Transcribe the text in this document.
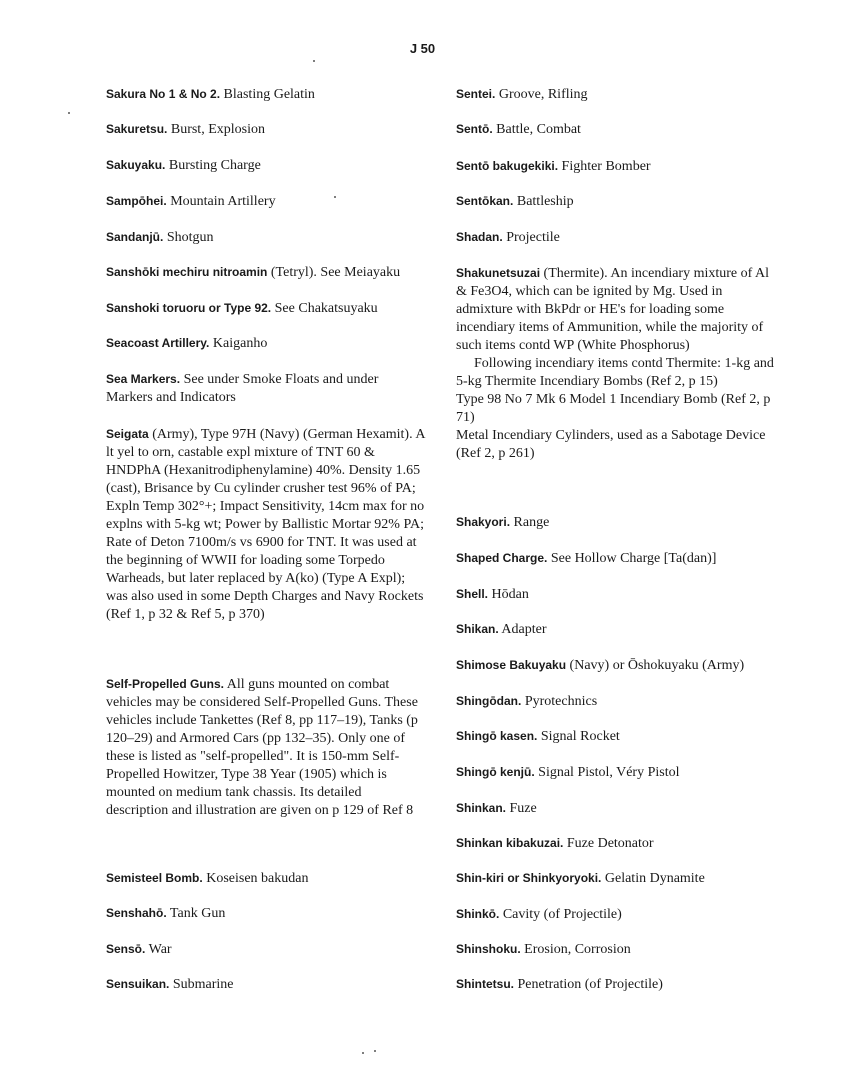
J 50
Sakura No 1 & No 2. Blasting Gelatin
Sakuretsu. Burst, Explosion
Sakuyaku. Bursting Charge
Sampōhei. Mountain Artillery
Sandanjū. Shotgun
Sanshōki mechiru nitroamin (Tetryl). See Meiayaku
Sanshoki toruoru or Type 92. See Chakatsuyaku
Seacoast Artillery. Kaiganho
Sea Markers. See under Smoke Floats and under Markers and Indicators
Seigata (Army), Type 97H (Navy) (German Hexamit). A lt yel to orn, castable expl mixture of TNT 60 & HNDPhA (Hexanitrodiphenylamine) 40%. Density 1.65 (cast), Brisance by Cu cylinder crusher test 96% of PA; Expln Temp 302°+; Impact Sensitivity, 14cm max for no explns with 5-kg wt; Power by Ballistic Mortar 92% PA; Rate of Deton 7100m/s vs 6900 for TNT. It was used at the beginning of WWII for loading some Torpedo Warheads, but later replaced by A(ko) (Type A Expl); was also used in some Depth Charges and Navy Rockets (Ref 1, p 32 & Ref 5, p 370)
Self-Propelled Guns. All guns mounted on combat vehicles may be considered Self-Propelled Guns. These vehicles include Tankettes (Ref 8, pp 117–19), Tanks (p 120–29) and Armored Cars (pp 132–35). Only one of these is listed as "self-propelled". It is 150-mm Self-Propelled Howitzer, Type 38 Year (1905) which is mounted on medium tank chassis. Its detailed description and illustration are given on p 129 of Ref 8
Semisteel Bomb. Koseisen bakudan
Senshahō. Tank Gun
Sensō. War
Sensuikan. Submarine
Sentei. Groove, Rifling
Sentō. Battle, Combat
Sentō bakugekiki. Fighter Bomber
Sentōkan. Battleship
Shadan. Projectile
Shakunetsuzai (Thermite). An incendiary mixture of Al & Fe3O4, which can be ignited by Mg. Used in admixture with BkPdr or HE's for loading some incendiary items of Ammunition, while the majority of such items contd WP (White Phosphorus)
Following incendiary items contd Thermite: 1-kg and 5-kg Thermite Incendiary Bombs (Ref 2, p 15)
Type 98 No 7 Mk 6 Model 1 Incendiary Bomb (Ref 2, p 71)
Metal Incendiary Cylinders, used as a Sabotage Device (Ref 2, p 261)
Shakyori. Range
Shaped Charge. See Hollow Charge [Ta(dan)]
Shell. Hōdan
Shikan. Adapter
Shimose Bakuyaku (Navy) or Ōshokuyaku (Army)
Shingōdan. Pyrotechnics
Shingō kasen. Signal Rocket
Shingō kenjū. Signal Pistol, Véry Pistol
Shinkan. Fuze
Shinkan kibakuzai. Fuze Detonator
Shin-kiri or Shinkyoryoki. Gelatin Dynamite
Shinkō. Cavity (of Projectile)
Shinshoku. Erosion, Corrosion
Shintetsu. Penetration (of Projectile)
